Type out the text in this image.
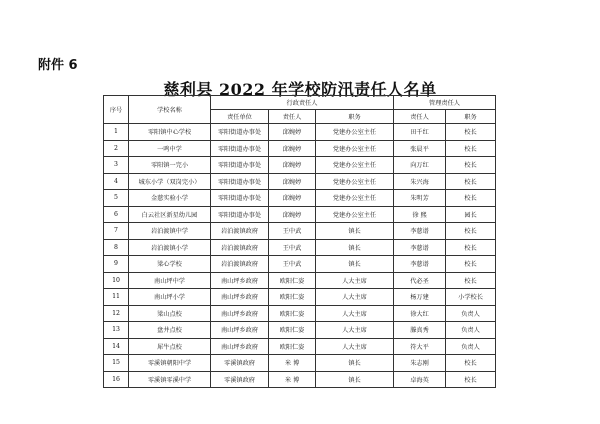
附件 6
慈利县 2022 年学校防汛责任人名单
序号	学校名称	行政责任人			管理责任人	
		责任单位	责任人	职务	责任人	职务
1	零阳镇中心学校	零阳街道办事处	邱婉婷	党建办公室主任	田千红	校长
2	一鸣中学	零阳街道办事处	邱婉婷	党建办公室主任	张晨平	校长
3	零阳镇一完小	零阳街道办事处	邱婉婷	党建办公室主任	向万红	校长
4	城东小学（双岗完小）	零阳街道办事处	邱婉婷	党建办公室主任	朱兴海	校长
5	金慈实验小学	零阳街道办事处	邱婉婷	党建办公室主任	朱明芳	校长
6	白云社区新星幼儿园	零阳街道办事处	邱婉婷	党建办公室主任	徐 熙	园长
7	岩泊渡镇中学	岩泊渡镇政府	王中武	镇长	李慈谱	校长
8	岩泊渡镇小学	岩泊渡镇政府	王中武	镇长	李慈谱	校长
9	梁心学校	岩泊渡镇政府	王中武	镇长	李慈谱	校长
10	南山坪中学	南山坪乡政府	欧阳仁姿	人大主席	代必圣	校长
11	南山坪小学	南山坪乡政府	欧阳仁姿	人大主席	杨万建	小学校长
12	梁山点校	南山坪乡政府	欧阳仁姿	人大主席	徐大红	负责人
13	盘井点校	南山坪乡政府	欧阳仁姿	人大主席	滕真秀	负责人
14	犀牛点校	南山坪乡政府	欧阳仁姿	人大主席	符大平	负责人
15	零溪镇朝阳中学	零溪镇政府	米 博	镇长	朱志刚	校长
16	零溪镇零溪中学	零溪镇政府	米 博	镇长	卓海英	校长
